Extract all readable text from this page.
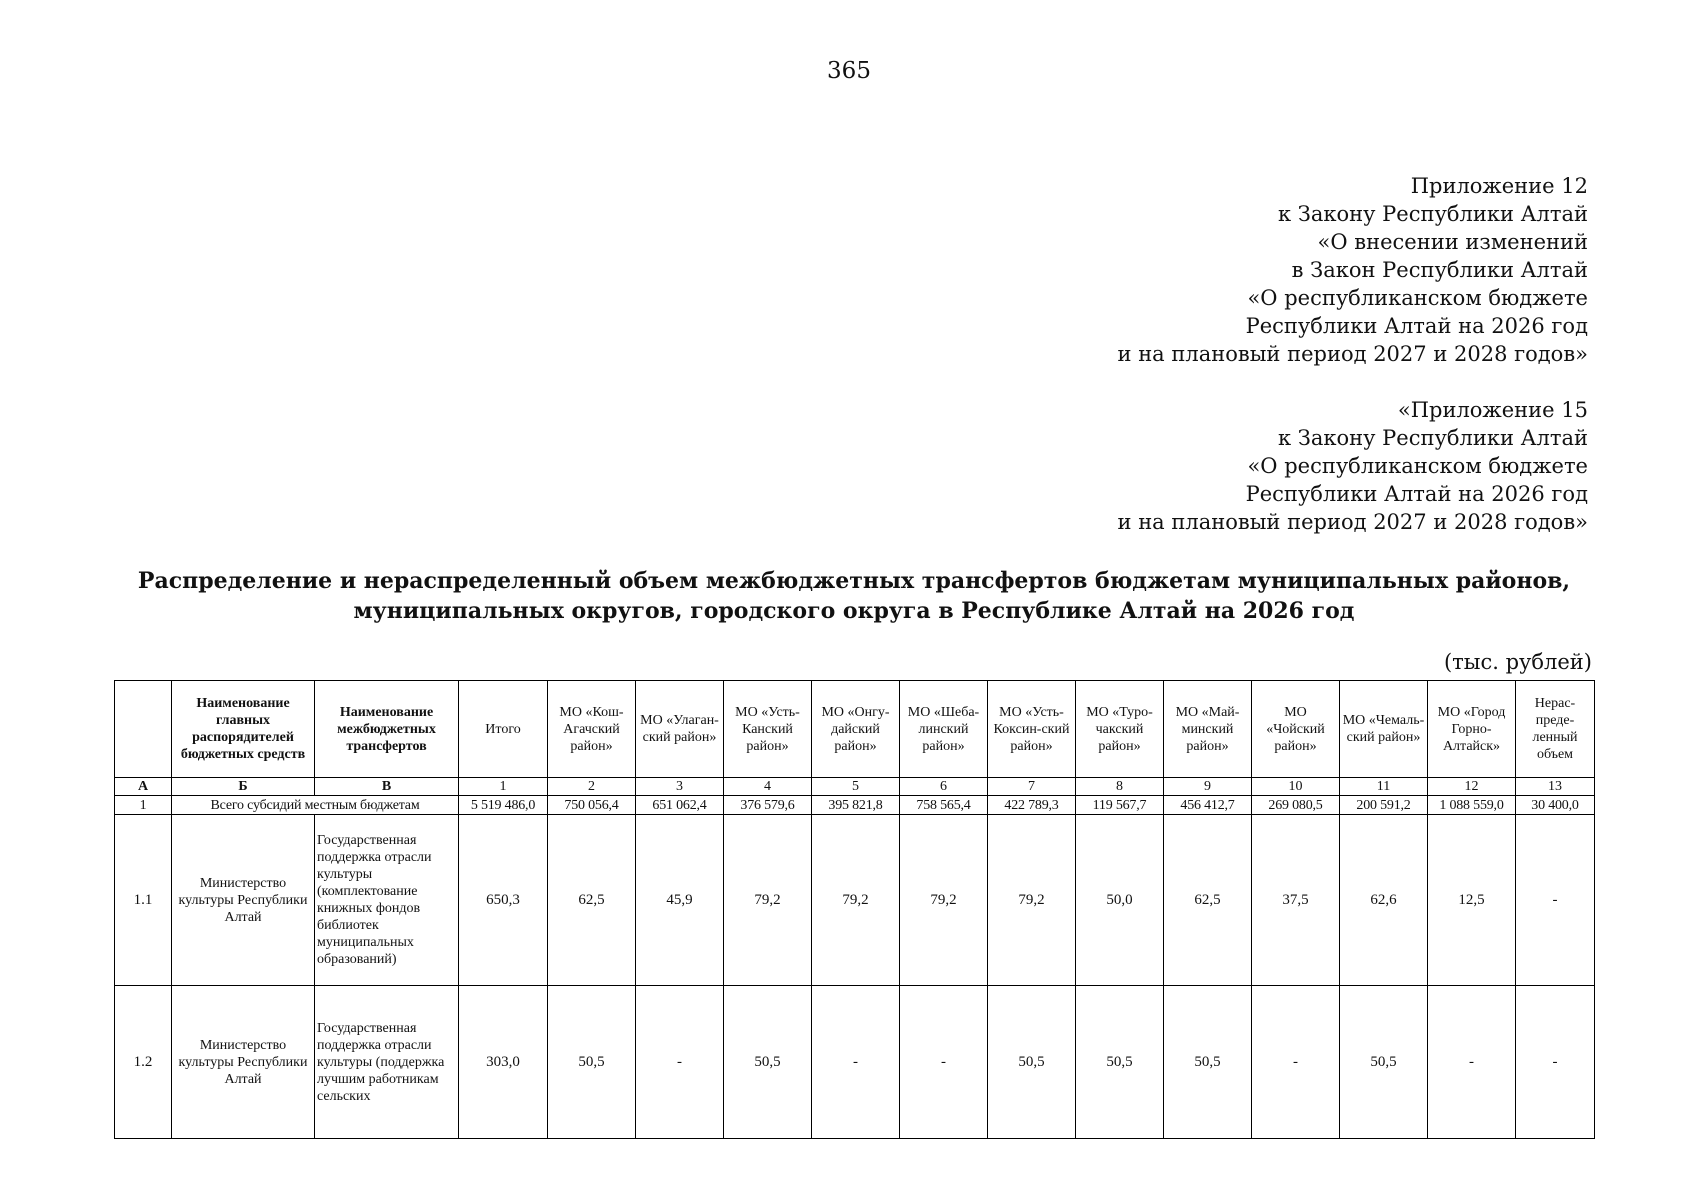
365
Приложение 12
к Закону Республики Алтай
«О внесении изменений
в Закон Республики Алтай
«О республиканском бюджете
Республики Алтай на 2026 год
и на плановый период 2027 и 2028 годов»
«Приложение 15
к Закону Республики Алтай
«О республиканском бюджете
Республики Алтай на 2026 год
и на плановый период 2027 и 2028 годов»
Распределение и нераспределенный объем межбюджетных трансфертов бюджетам муниципальных районов,
муниципальных округов, городского округа в Республике Алтай на 2026 год
(тыс. рублей)
	Наименование главных распорядителей бюджетных средств	Наименование межбюджетных трансфертов	Итого	МО «Кош-Агачский район»	МО «Улаган-ский район»	МО «Усть-Канский район»	МО «Онгу-дайский район»	МО «Шеба-линский район»	МО «Усть-Коксин-ский район»	МО «Туро-чакский район»	МО «Май-минский район»	МО «Чойский район»	МО «Чемаль-ский район»	МО «Город Горно-Алтайск»	Нерас-преде-ленный объем
А	Б	В	1	2	3	4	5	6	7	8	9	10	11	12	13
1	Всего субсидий местным бюджетам		5 519 486,0	750 056,4	651 062,4	376 579,6	395 821,8	758 565,4	422 789,3	119 567,7	456 412,7	269 080,5	200 591,2	1 088 559,0	30 400,0
1.1	Министерство культуры Республики Алтай	Государственная поддержка отрасли культуры (комплектование книжных фондов библиотек муниципальных образований)	650,3	62,5	45,9	79,2	79,2	79,2	79,2	50,0	62,5	37,5	62,6	12,5	-
1.2	Министерство культуры Республики Алтай	Государственная поддержка отрасли культуры (поддержка лучшим работникам сельских	303,0	50,5	-	50,5	-	-	50,5	50,5	50,5	-	50,5	-	-
